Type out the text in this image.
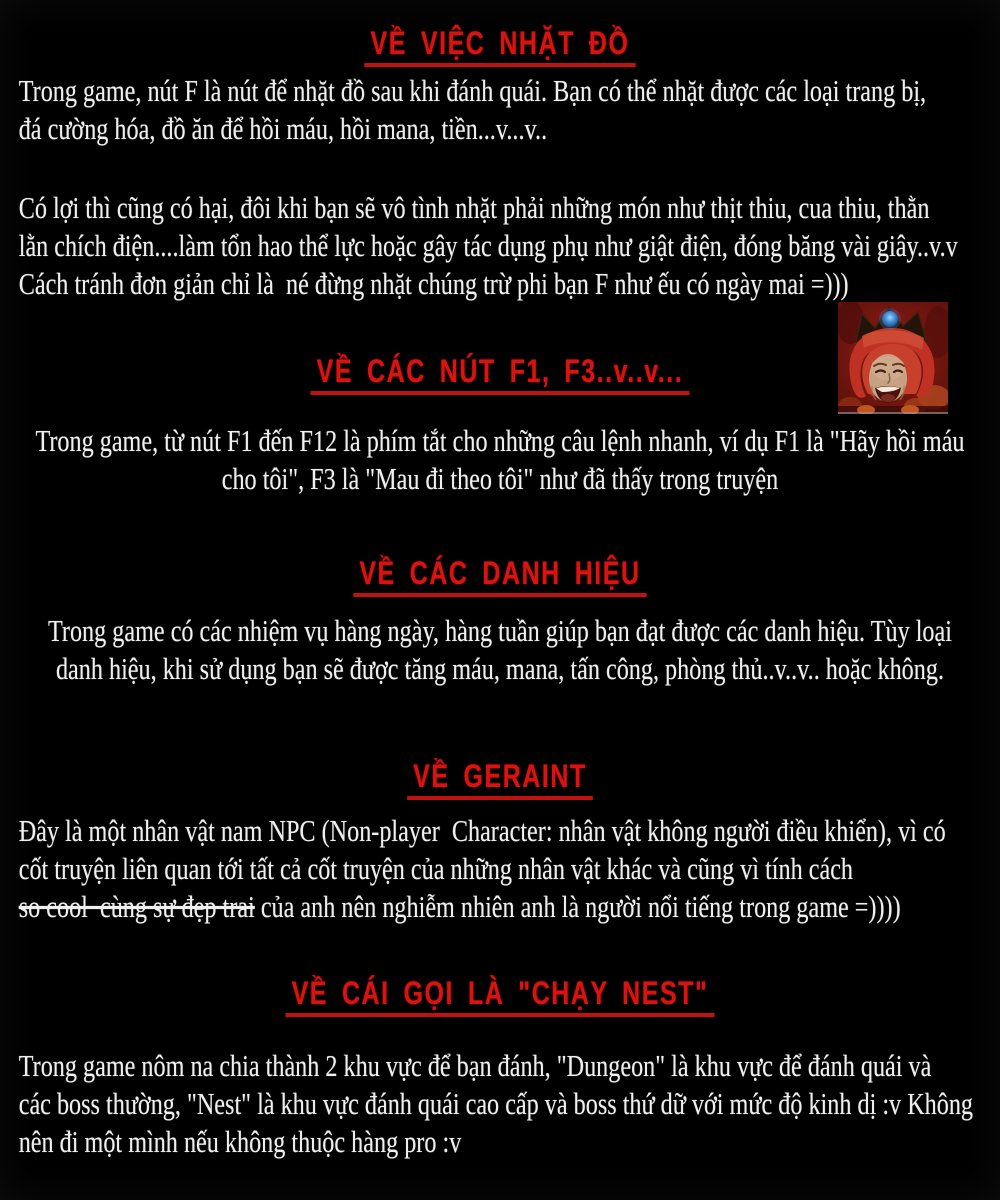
VỀ VIỆC NHẶT ĐỒ
Trong game, nút F là nút để nhặt đồ sau khi đánh quái. Bạn có thể nhặt được các loại trang bị,
đá cường hóa, đồ ăn để hồi máu, hồi mana, tiền...v...v..
Có lợi thì cũng có hại, đôi khi bạn sẽ vô tình nhặt phải những món như thịt thiu, cua thiu, thằn
lằn chích điện....làm tổn hao thể lực hoặc gây tác dụng phụ như giật điện, đóng băng vài giây..v.v
Cách tránh đơn giản chỉ là  né đừng nhặt chúng trừ phi bạn F như ếu có ngày mai =)))
VỀ CÁC NÚT F1, F3..v..v...
Trong game, từ nút F1 đến F12 là phím tắt cho những câu lệnh nhanh, ví dụ F1 là "Hãy hồi máu
cho tôi", F3 là "Mau đi theo tôi" như đã thấy trong truyện
VỀ CÁC DANH HIỆU
Trong game có các nhiệm vụ hàng ngày, hàng tuần giúp bạn đạt được các danh hiệu. Tùy loại
danh hiệu, khi sử dụng bạn sẽ được tăng máu, mana, tấn công, phòng thủ..v..v.. hoặc không.
VỀ GERAINT
Đây là một nhân vật nam NPC (Non-player  Character: nhân vật không người điều khiển), vì có
cốt truyện liên quan tới tất cả cốt truyện của những nhân vật khác và cũng vì tính cách
so cool  cùng sự đẹp trai của anh nên nghiễm nhiên anh là người nổi tiếng trong game =))))
VỀ CÁI GỌI LÀ "CHẠY NEST"
Trong game nôm na chia thành 2 khu vực để bạn đánh, "Dungeon" là khu vực để đánh quái và
các boss thường, "Nest" là khu vực đánh quái cao cấp và boss thứ dữ với mức độ kinh dị :v Không
nên đi một mình nếu không thuộc hàng pro :v
